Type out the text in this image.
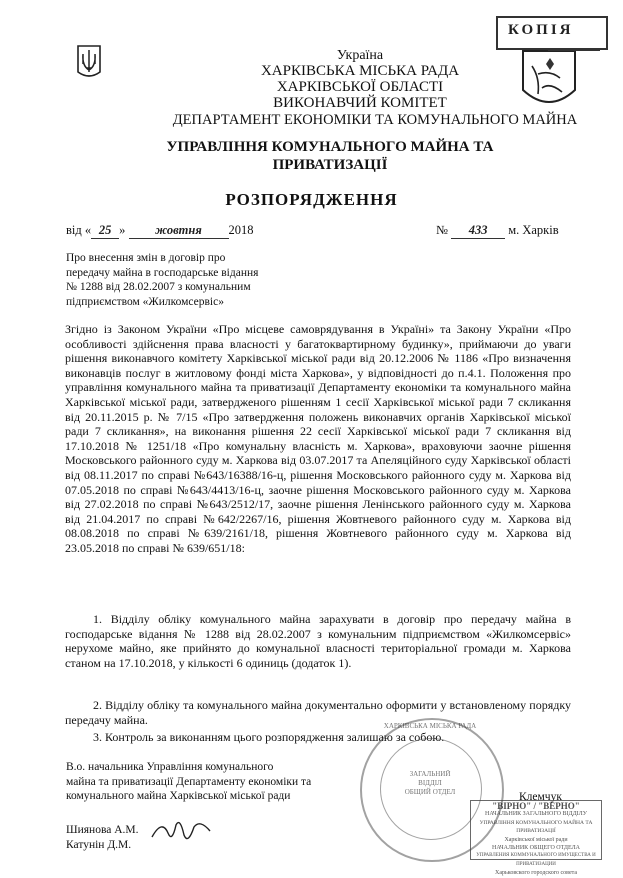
КОПІЯ
Україна
ХАРКІВСЬКА МІСЬКА РАДА
ХАРКІВСЬКОЇ ОБЛАСТІ
ВИКОНАВЧИЙ КОМІТЕТ
ДЕПАРТАМЕНТ ЕКОНОМІКИ ТА КОМУНАЛЬНОГО МАЙНА
УПРАВЛІННЯ КОМУНАЛЬНОГО МАЙНА ТА
ПРИВАТИЗАЦІЇ
РОЗПОРЯДЖЕННЯ
від « 25 » жовтня 2018	№ 433 м. Харків
Про внесення змін в договір про
передачу майна в господарське відання
№ 1288 від 28.02.2007 з комунальним
підприємством «Жилкомсервіс»
Згідно із Законом України «Про місцеве самоврядування в Україні» та Закону України «Про особливості здійснення права власності у багатоквартирному будинку», приймаючи до уваги рішення виконавчого комітету Харківської міської ради від 20.12.2006 № 1186 «Про визначення виконавців послуг в житловому фонді міста Харкова», у відповідності до п.4.1. Положення про управління комунального майна та приватизації Департаменту економіки та комунального майна Харківської міської ради, затвердженого рішенням 1 сесії Харківської міської ради 7 скликання від 20.11.2015 р. № 7/15 «Про затвердження положень виконавчих органів Харківської міської ради 7 скликання», на виконання рішення 22 сесії Харківської міської ради 7 скликання від 17.10.2018 № 1251/18 «Про комунальну власність м. Харкова», враховуючи заочне рішення Московського районного суду м. Харкова від 03.07.2017 та Апеляційного суду Харківської області від 08.11.2017 по справі №643/16388/16-ц, рішення Московського районного суду м. Харкова від 07.05.2018 по справі №643/4413/16-ц, заочне рішення Московського районного суду м. Харкова від 27.02.2018 по справі №643/2512/17, заочне рішення Ленінського районного суду м. Харкова від 21.04.2017 по справі №642/2267/16, рішення Жовтневого районного суду м. Харкова від 08.08.2018 по справі №639/2161/18, рішення Жовтневого районного суду м. Харкова від 23.05.2018 по справі № 639/651/18:
1. Відділу обліку комунального майна зарахувати в договір про передачу майна в господарське відання № 1288 від 28.02.2007 з комунальним підприємством «Жилкомсервіс» нерухоме майно, яке прийнято до комунальної власності територіальної громади м. Харкова станом на 17.10.2018, у кількості 6 одиниць (додаток 1).
2. Відділу обліку та комунального майна документально оформити у встановленому порядку передачу майна.
3. Контроль за виконанням цього розпорядження залишаю за собою.
ХАРКІВСЬКА МІСЬКА РАДА
ЗАГАЛЬНИЙ
ВІДДІЛ
ОБЩИЙ ОТДЕЛ
В.о. начальника Управління комунального
майна та приватизації Департаменту економіки та
комунального майна Харківської міської ради	Клемчук
Шиянова А.М.
Катунін Д.М.
"ВІРНО" / "ВЕРНО"
НАЧАЛЬНИК ЗАГАЛЬНОГО ВІДДІЛУ
УПРАВЛІННЯ КОМУНАЛЬНОГО МАЙНА ТА ПРИВАТИЗАЦІЇ
Харківської міської ради
НАЧАЛЬНИК ОБЩЕГО ОТДЕЛА
УПРАВЛЕНИЯ КОММУНАЛЬНОГО ИМУЩЕСТВА И ПРИВАТИЗАЦИИ
Харьковского городского совета
